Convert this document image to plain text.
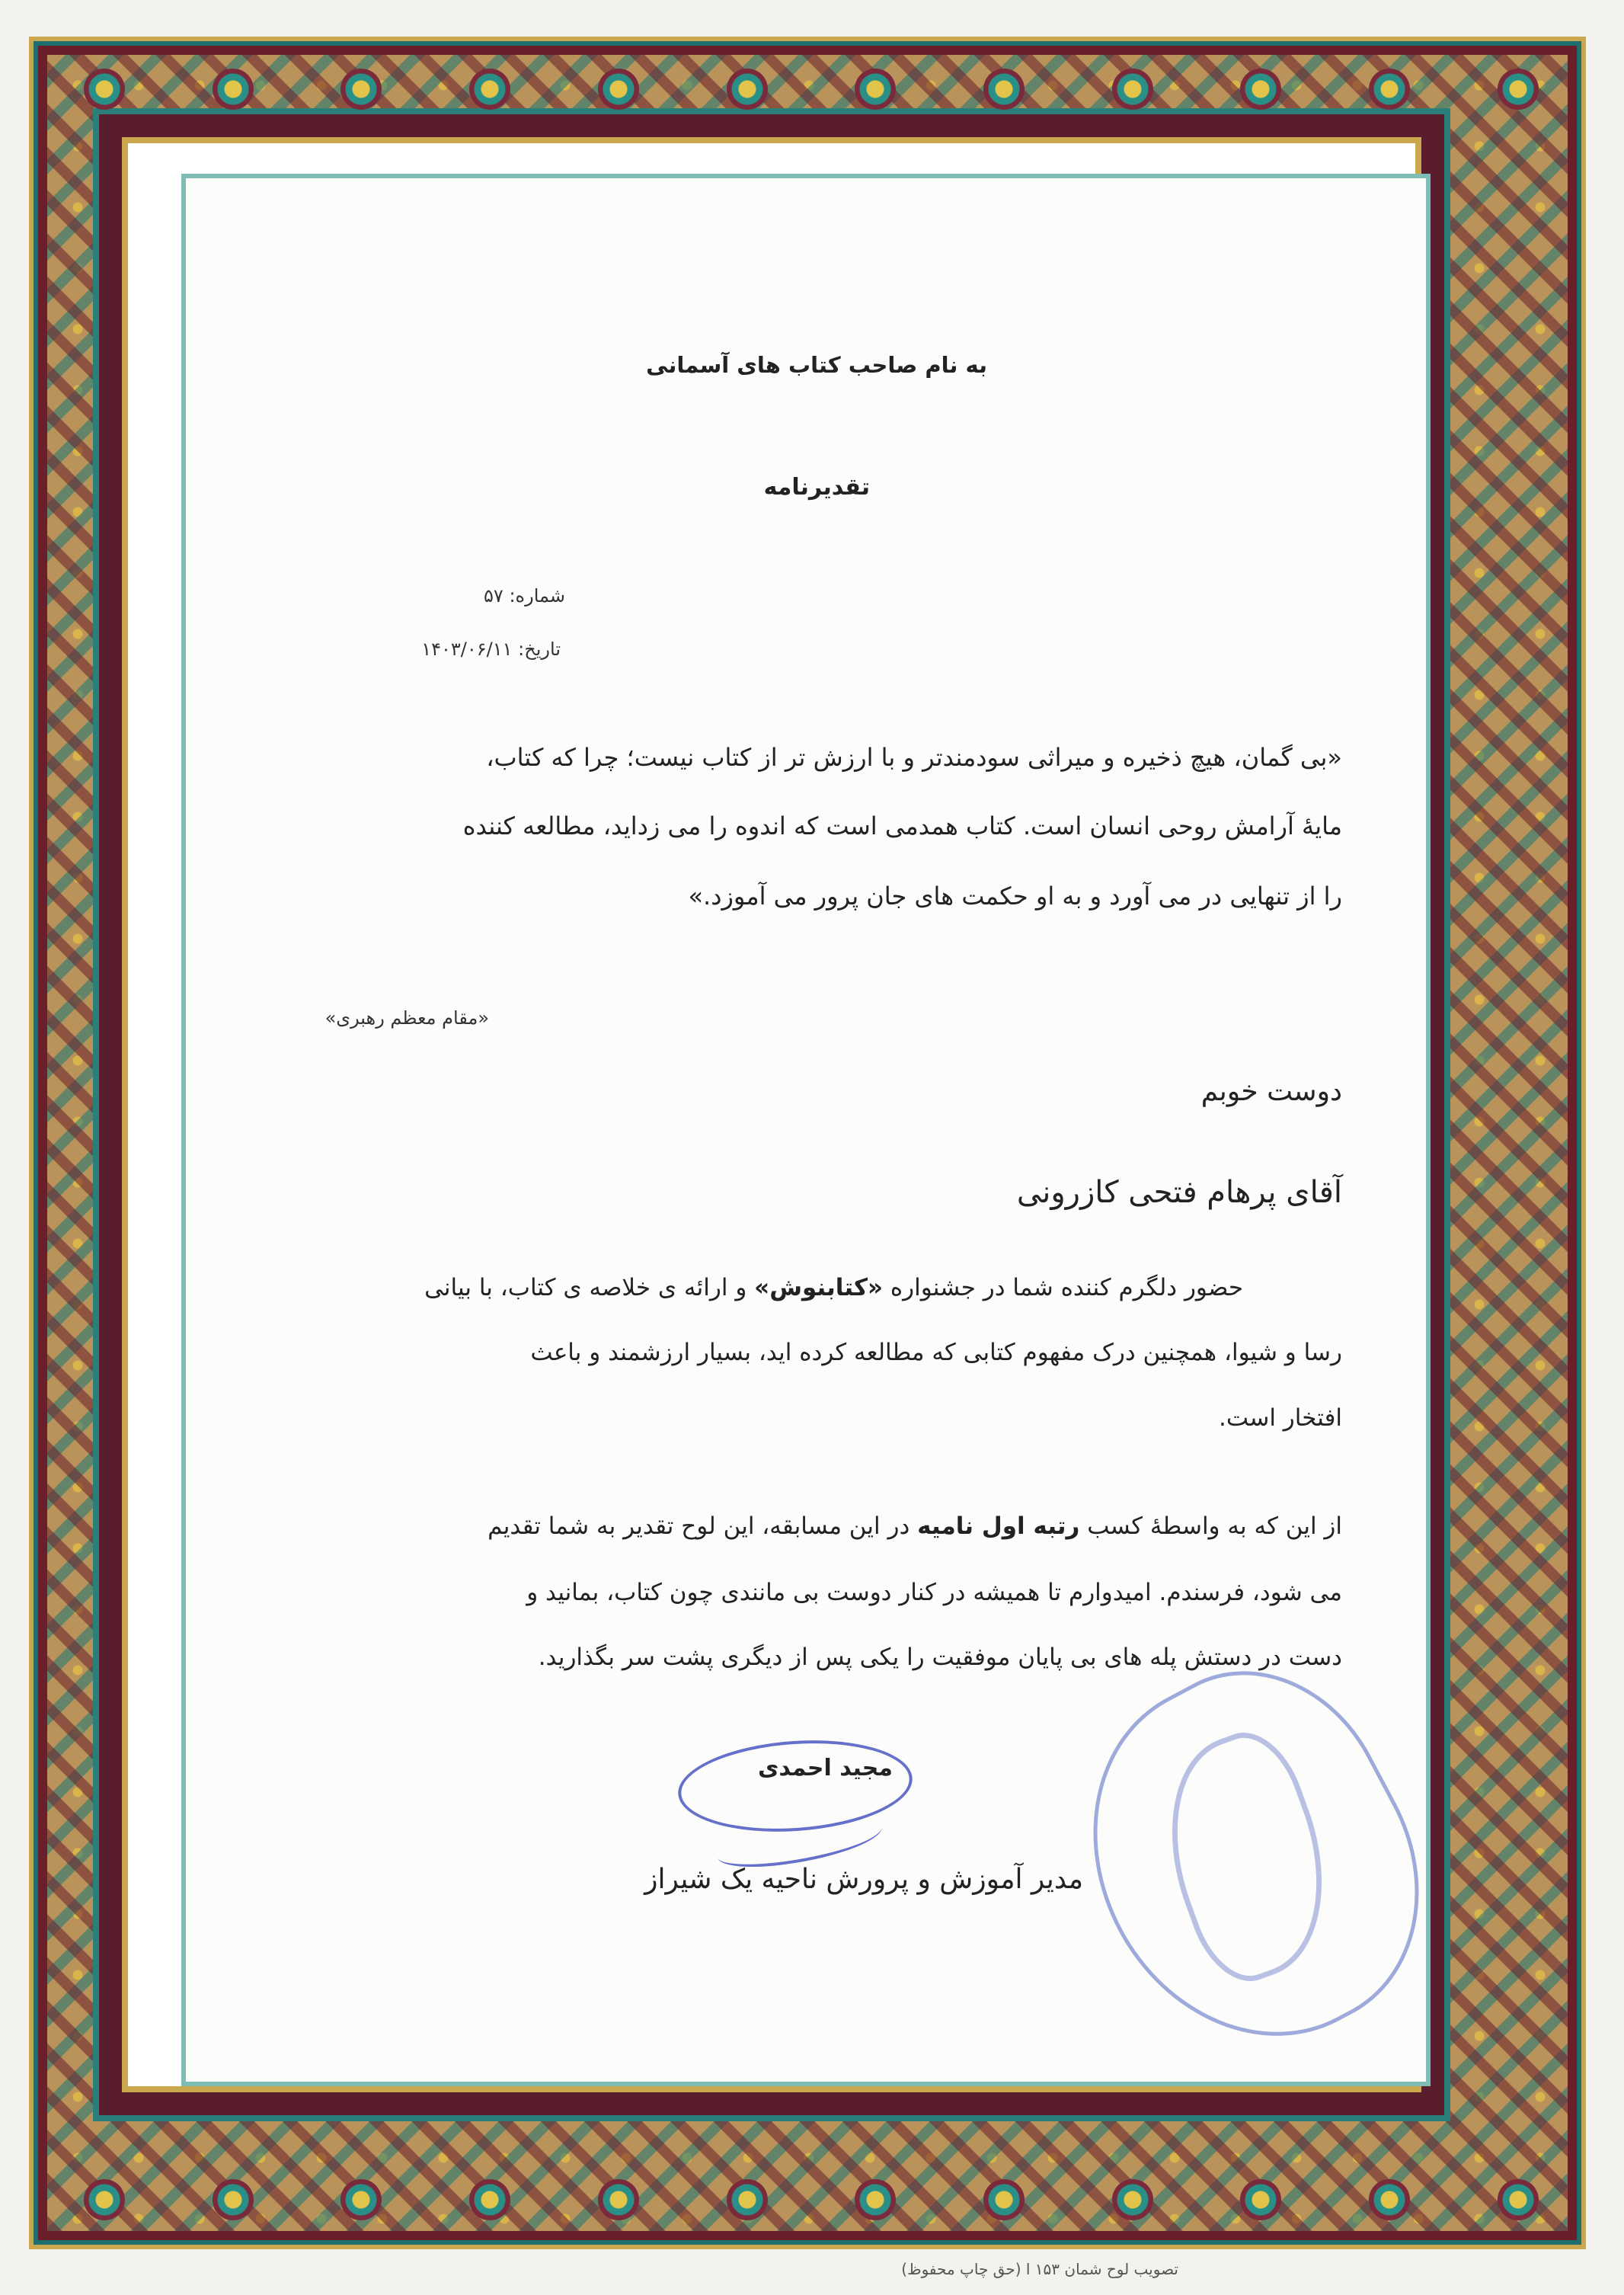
به نام صاحب کتاب های آسمانی
تقدیرنامه
شماره: ۵۷
تاریخ: ۱۴۰۳/۰۶/۱۱
«بی گمان، هیچ ذخیره و میراثی سودمندتر و با ارزش تر از کتاب نیست؛ چرا که کتاب،
مایهٔ آرامش روحی انسان است. کتاب همدمی است که اندوه را می زداید، مطالعه کننده
را از تنهایی در می آورد و به او حکمت های جان پرور می آموزد.»
«مقام معظم رهبری»
دوست خوبم
آقای پرهام فتحی کازرونی
حضور دلگرم کننده شما در جشنواره «کتابنوش» و ارائه ی خلاصه ی کتاب، با بیانی
رسا و شیوا، همچنین درک مفهوم کتابی که مطالعه کرده اید، بسیار ارزشمند و باعث
افتخار است.
از این که به واسطهٔ کسب رتبه اول نامیه در این مسابقه، این لوح تقدیر به شما تقدیم
می شود، فرسندم. امیدوارم تا همیشه در کنار دوست بی مانندی چون کتاب، بمانید و
دست در دستش پله های بی پایان موفقیت را یکی پس از دیگری پشت سر بگذارید.
مجید احمدی
مدیر آموزش و پرورش ناحیه یک شیراز
تصویب لوح شمان ۱۵۳ ا (حق چاپ محفوظ)
